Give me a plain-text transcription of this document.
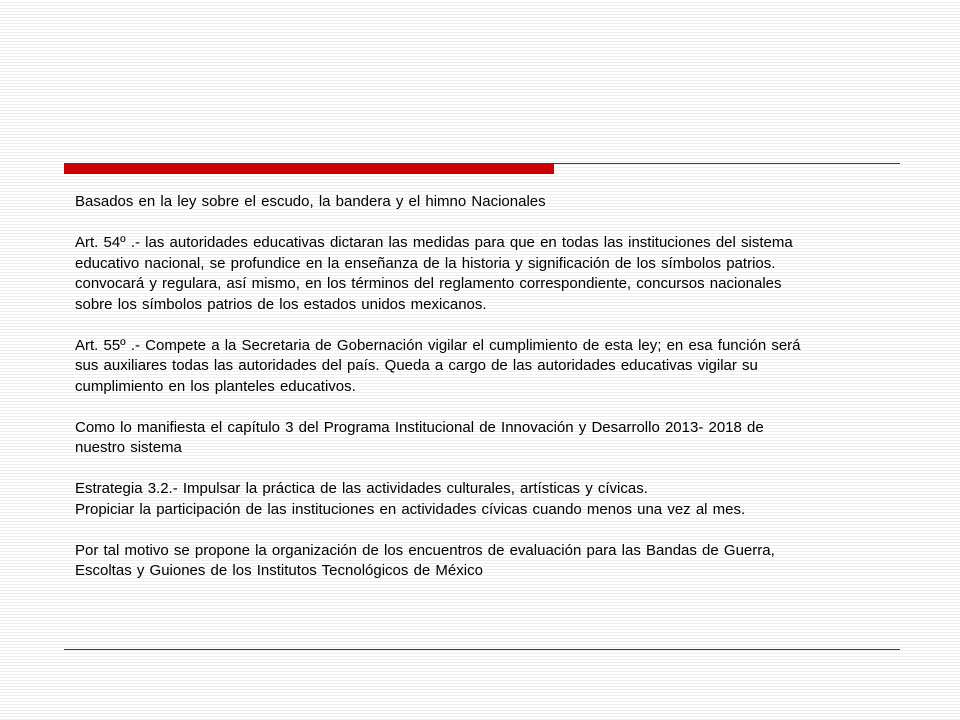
Basados en la ley sobre el escudo, la bandera y el himno Nacionales

Art. 54º .- las autoridades educativas dictaran las medidas para que en todas las instituciones del sistema
educativo nacional, se profundice en la enseñanza de la historia y significación de los símbolos patrios.
convocará y regulara, así mismo, en los términos del reglamento correspondiente, concursos nacionales
sobre los símbolos patrios de los estados unidos mexicanos.

Art. 55º .- Compete a la Secretaria de Gobernación vigilar el cumplimiento de esta ley; en esa función será
sus auxiliares todas las autoridades del país. Queda a cargo de las autoridades educativas vigilar su
cumplimiento en los planteles educativos.

Como lo manifiesta el capítulo 3 del Programa Institucional de Innovación y Desarrollo 2013- 2018 de
nuestro sistema

Estrategia 3.2.- Impulsar la práctica de las actividades culturales, artísticas y cívicas.
Propiciar la participación de las instituciones en actividades cívicas cuando menos una vez al mes.

Por tal motivo se propone la organización de los encuentros de evaluación para las Bandas de Guerra,
Escoltas y Guiones de los Institutos Tecnológicos de México
